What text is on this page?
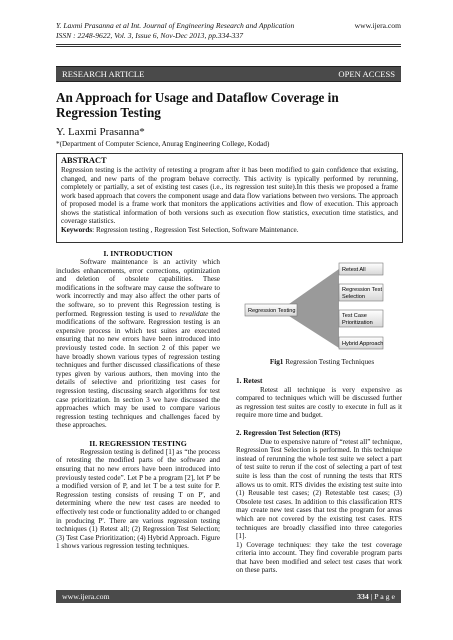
Y. Laxmi Prasanna et al Int. Journal of Engineering Research and Application
ISSN : 2248-9622, Vol. 3, Issue 6, Nov-Dec 2013, pp.334-337
www.ijera.com
RESEARCH ARTICLE	OPEN ACCESS
An Approach for Usage and Dataflow Coverage in Regression Testing
Y. Laxmi Prasanna*
*(Department of Computer Science, Anurag Engineering College, Kodad)
ABSTRACT
Regression testing is the activity of retesting a program after it has been modified to gain confidence that existing, changed, and new parts of the program behave correctly. This activity is typically performed by rerunning, completely or partially, a set of existing test cases (i.e., its regression test suite).In this thesis we proposed a frame work based approach that covers the component usage and data flow variations between two versions. The approach of proposed model is a frame work that monitors the applications activities and flow of execution. This approach shows the statistical information of both versions such as execution flow statistics, execution time statistics, and coverage statistics.
Keywords: Regression testing , Regression Test Selection, Software Maintenance.

I. INTRODUCTION

Software maintenance is an activity which includes enhancements, error corrections, optimization and deletion of obsolete capabilities. These modifications in the software may cause the software to work incorrectly and may also affect the other parts of the software, so to prevent this Regression testing is performed. Regression testing is used to revalidate the modifications of the software. Regression testing is an expensive process in which test suites are executed ensuring that no new errors have been introduced into previously tested code. In section 2 of this paper we have broadly shown various types of regression testing techniques and further discussed classifications of these types given by various authors, then moving into the details of selective and prioritizing test cases for regression testing, discussing search algorithms for test case prioritization. In section 3 we have discussed the approaches which may be used to compare various regression testing techniques and challenges faced by these approaches.

II. REGRESSION TESTING

Regression testing is defined [1] as “the process of retesting the modified parts of the software and ensuring that no new errors have been introduced into previously tested code”. Let P be a program [2], let P' be a modified version of P, and let T be a test suite for P. Regression testing consists of reusing T on P', and determining where the new test cases are needed to effectively test code or functionality added to or changed in producing P'. There are various regression testing techniques (1) Retest all; (2) Regression Test Selection; (3) Test Case Prioritization; (4) Hybrid Approach. Figure 1 shows various regression testing techniques.

Regression Testing
Retest All
Regression Test
Selection
Test Case
Prioritization
Hybrid Approach
Fig1 Regression Testing Techniques

1. Retest

Retest all technique is very expensive as compared to techniques which will be discussed further as regression test suites are costly to execute in full as it require more time and budget.

2. Regression Test Selection (RTS)

Due to expensive nature of “retest all” technique, Regression Test Selection is performed. In this technique instead of rerunning the whole test suite we select a part of test suite to rerun if the cost of selecting a part of test suite is less than the cost of running the tests that RTS allows us to omit. RTS divides the existing test suite into (1) Reusable test cases; (2) Retestable test cases; (3) Obsolete test cases. In addition to this classification RTS may create new test cases that test the program for areas which are not covered by the existing test cases. RTS techniques are broadly classified into three categories [1].

1) Coverage techniques: they take the test coverage criteria into account. They find coverable program parts that have been modified and select test cases that work on these parts.

www.ijera.com	334 | P a g e
